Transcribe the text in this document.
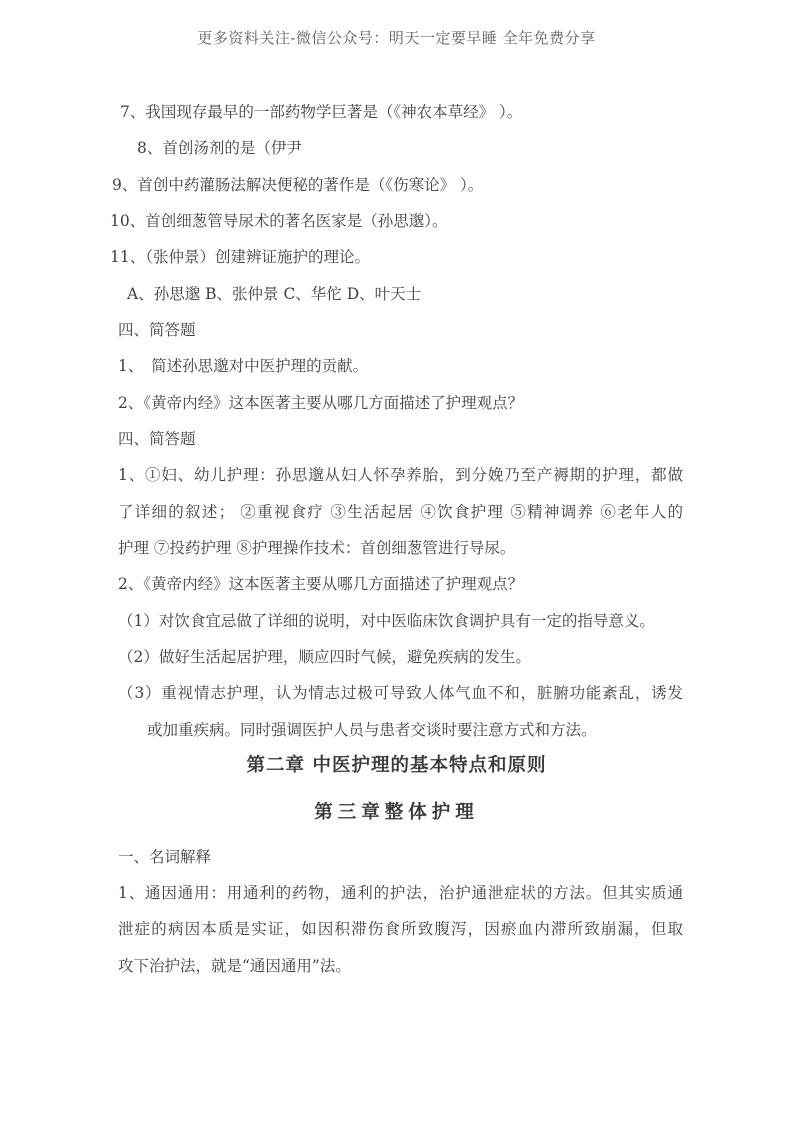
更多资料关注-微信公众号：明天一定要早睡 全年免费分享

7、我国现存最早的一部药物学巨著是（《神农本草经》 ）。

8、首创汤剂的是（伊尹

9、首创中药灌肠法解决便秘的著作是（《伤寒论》 ）。

10、首创细葱管导尿术的著名医家是（孙思邈）。

11、（张仲景）创建辨证施护的理论。

A、孙思邈 B、张仲景 C、华佗 D、叶天士

四、简答题

1、　简述孙思邈对中医护理的贡献。

2、《黄帝内经》这本医著主要从哪几方面描述了护理观点？

四、简答题

1、①妇、幼儿护理：孙思邈从妇人怀孕养胎，到分娩乃至产褥期的护理，都做

了详细的叙述； ②重视食疗 ③生活起居 ④饮食护理 ⑤精神调养 ⑥老年人的

护理 ⑦投药护理 ⑧护理操作技术：首创细葱管进行导尿。

2、《黄帝内经》这本医著主要从哪几方面描述了护理观点？

（1）对饮食宜忌做了详细的说明，对中医临床饮食调护具有一定的指导意义。

（2）做好生活起居护理，顺应四时气候，避免疾病的发生。

（3）重视情志护理，认为情志过极可导致人体气血不和，脏腑功能紊乱，诱发

或加重疾病。同时强调医护人员与患者交谈时要注意方式和方法。

第二章 中医护理的基本特点和原则

第三章整体护理

一、名词解释

1、通因通用：用通利的药物，通利的护法，治护通泄症状的方法。但其实质通

泄症的病因本质是实证，如因积滞伤食所致腹泻，因瘀血内滞所致崩漏，但取

攻下治护法，就是“通因通用”法。
